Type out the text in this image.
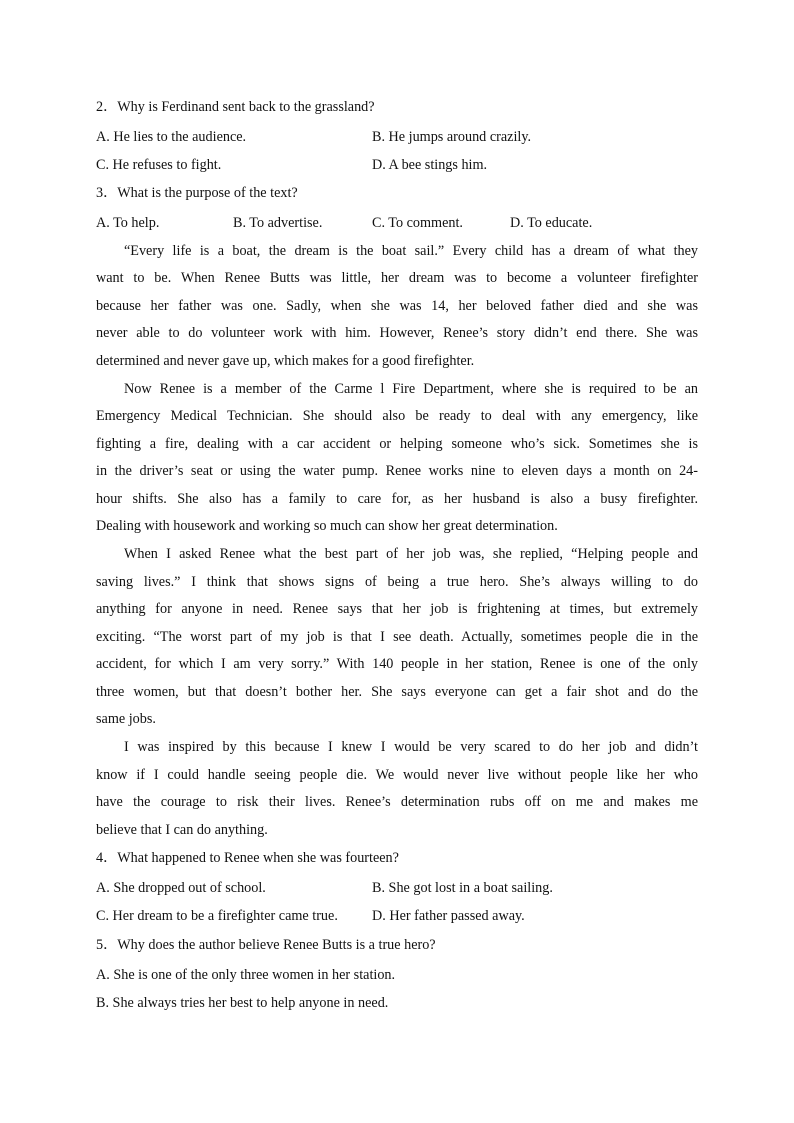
2．Why is Ferdinand sent back to the grassland?
A. He lies to the audience.	B. He jumps around crazily.
C. He refuses to fight.	D. A bee stings him.
3．What is the purpose of the text?
A. To help.	B. To advertise.	C. To comment.	D. To educate.
“Every life is a boat, the dream is the boat sail.” Every child has a dream of what they
want to be. When Renee Butts was little, her dream was to become a volunteer firefighter
because her father was one. Sadly, when she was 14, her beloved father died and she was
never able to do volunteer work with him. However, Renee’s story didn’t end there. She was
determined and never gave up, which makes for a good firefighter.
Now Renee is a member of the Carme l Fire Department, where she is required to be an
Emergency Medical Technician. She should also be ready to deal with any emergency, like
fighting a fire, dealing with a car accident or helping someone who’s sick. Sometimes she is
in the driver’s seat or using the water pump. Renee works nine to eleven days a month on 24-
hour shifts. She also has a family to care for, as her husband is also a busy firefighter.
Dealing with housework and working so much can show her great determination.
When I asked Renee what the best part of her job was, she replied, “Helping people and
saving lives.” I think that shows signs of being a true hero. She’s always willing to do
anything for anyone in need. Renee says that her job is frightening at times, but extremely
exciting. “The worst part of my job is that I see death. Actually, sometimes people die in the
accident, for which I am very sorry.” With 140 people in her station, Renee is one of the only
three women, but that doesn’t bother her. She says everyone can get a fair shot and do the
same jobs.
I was inspired by this because I knew I would be very scared to do her job and didn’t
know if I could handle seeing people die. We would never live without people like her who
have the courage to risk their lives. Renee’s determination rubs off on me and makes me
believe that I can do anything.
4．What happened to Renee when she was fourteen?
A. She dropped out of school.	B. She got lost in a boat sailing.
C. Her dream to be a firefighter came true. D. Her father passed away.
5．Why does the author believe Renee Butts is a true hero?
A. She is one of the only three women in her station.
B. She always tries her best to help anyone in need.
